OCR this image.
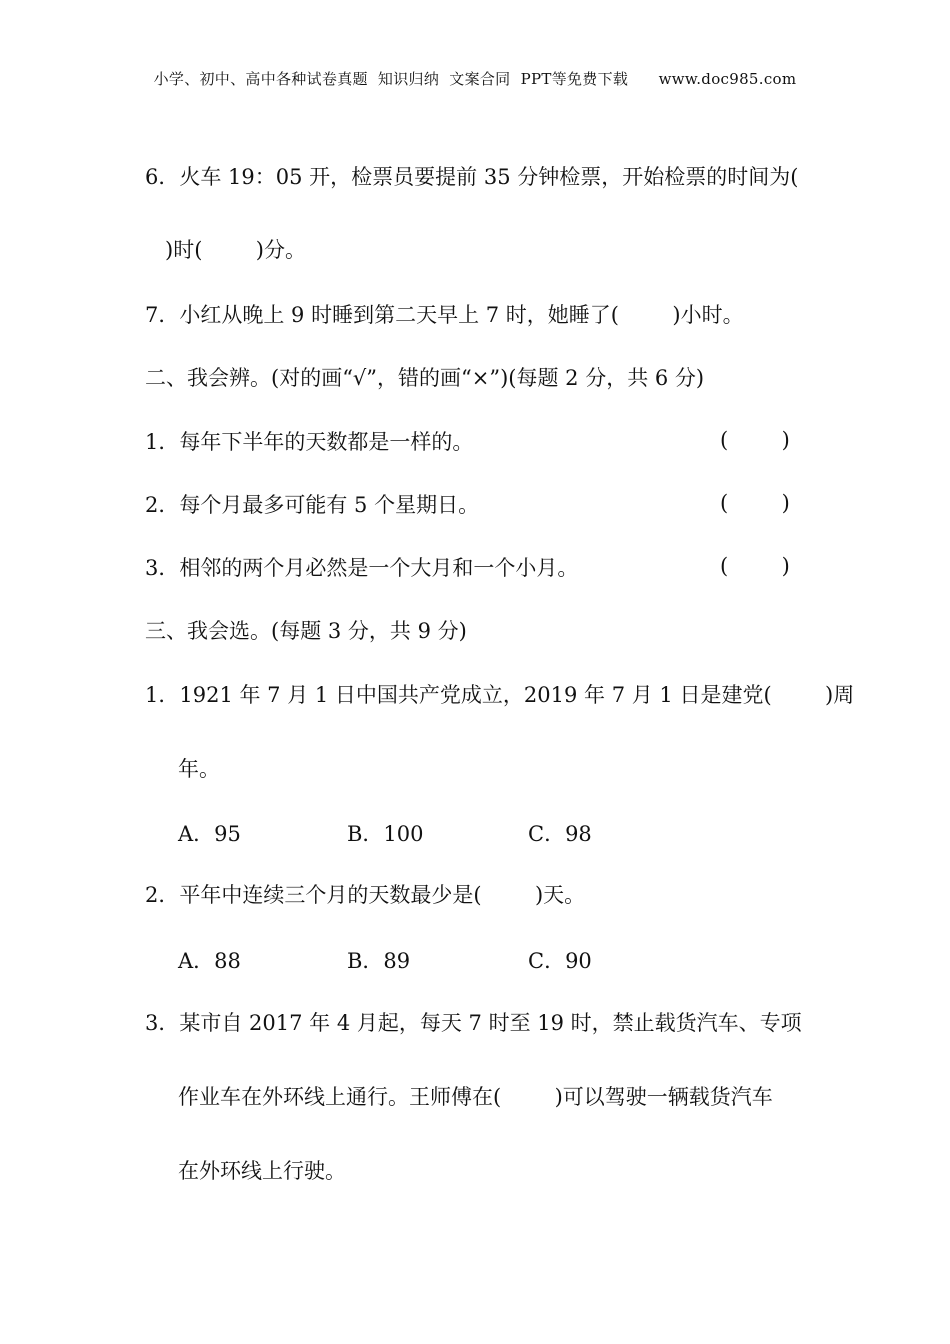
小学、初中、高中各种试卷真题  知识归纳  文案合同  PPT等免费下载      www.doc985.com
6．火车 19：05 开，检票员要提前 35 分钟检票，开始检票的时间为(
)时(        )分。
7．小红从晚上 9 时睡到第二天早上 7 时，她睡了(        )小时。
二、我会辨。(对的画“√”，错的画“×”)(每题 2 分，共 6 分)
1．每年下半年的天数都是一样的。	(        )
2．每个月最多可能有 5 个星期日。	(        )
3．相邻的两个月必然是一个大月和一个小月。	(        )
三、我会选。(每题 3 分，共 9 分)
1．1921 年 7 月 1 日中国共产党成立，2019 年 7 月 1 日是建党(        )周
年。
A．95	B．100	C．98
2．平年中连续三个月的天数最少是(        )天。
A．88	B．89	C．90
3．某市自 2017 年 4 月起，每天 7 时至 19 时，禁止载货汽车、专项
作业车在外环线上通行。王师傅在(        )可以驾驶一辆载货汽车
在外环线上行驶。
